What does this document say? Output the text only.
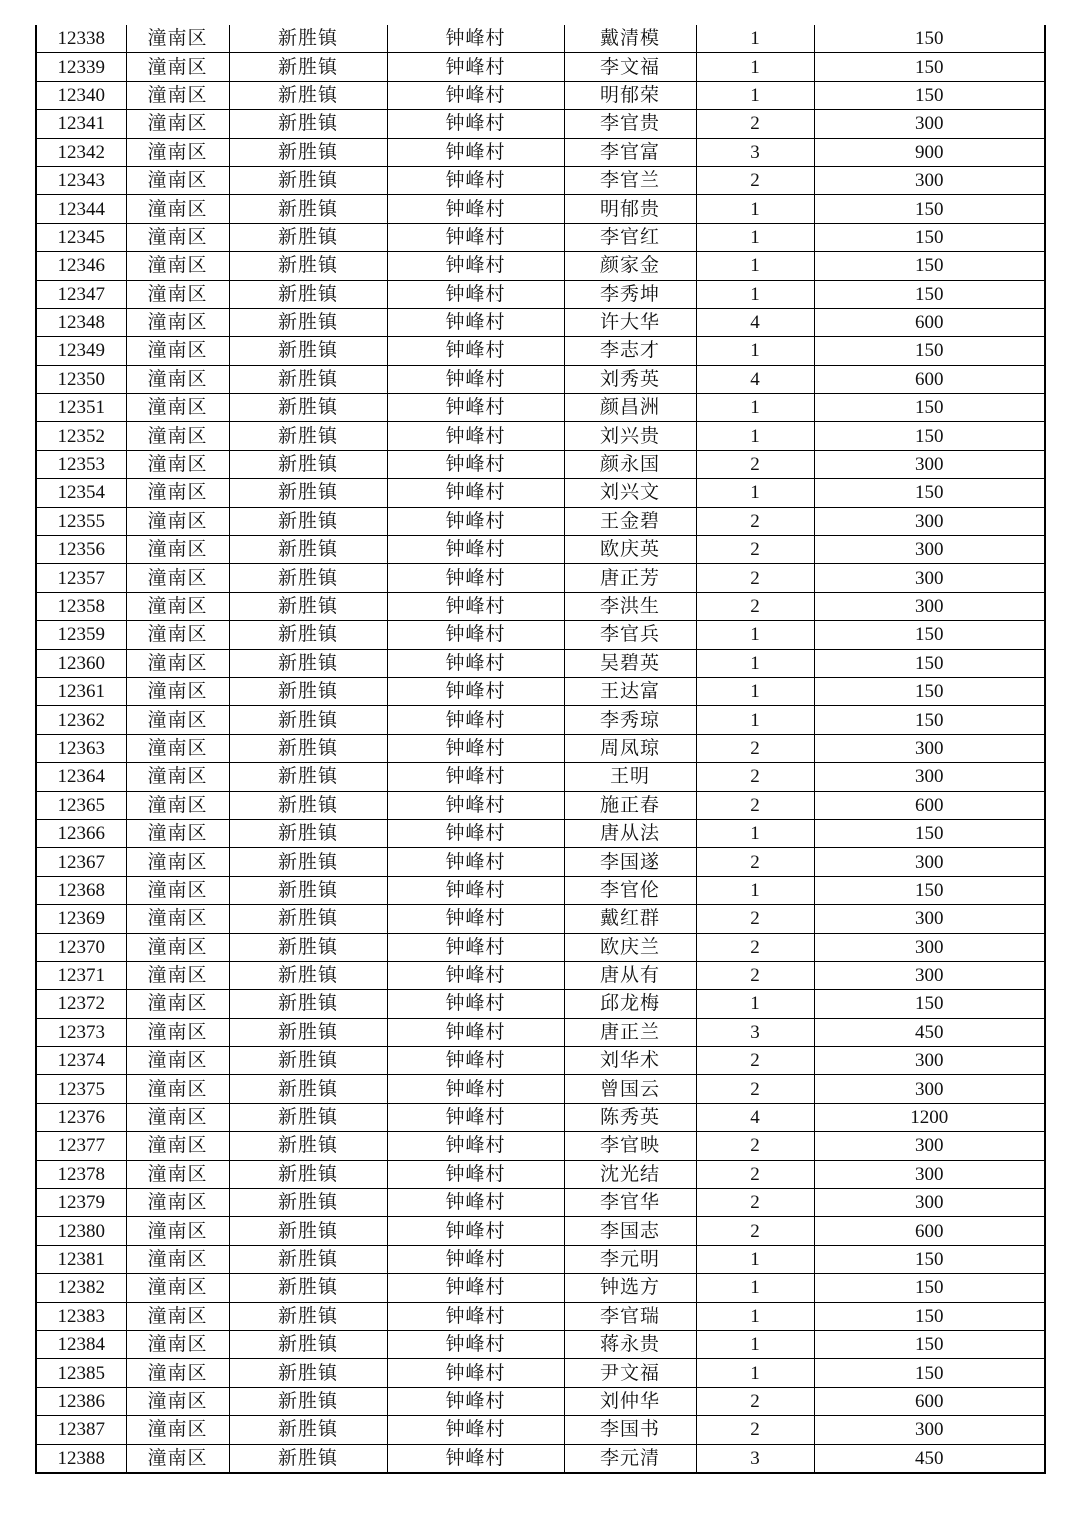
12338	潼南区	新胜镇	钟峰村	戴清模	1	150
12339	潼南区	新胜镇	钟峰村	李文福	1	150
12340	潼南区	新胜镇	钟峰村	明郁荣	1	150
12341	潼南区	新胜镇	钟峰村	李官贵	2	300
12342	潼南区	新胜镇	钟峰村	李官富	3	900
12343	潼南区	新胜镇	钟峰村	李官兰	2	300
12344	潼南区	新胜镇	钟峰村	明郁贵	1	150
12345	潼南区	新胜镇	钟峰村	李官红	1	150
12346	潼南区	新胜镇	钟峰村	颜家金	1	150
12347	潼南区	新胜镇	钟峰村	李秀坤	1	150
12348	潼南区	新胜镇	钟峰村	许大华	4	600
12349	潼南区	新胜镇	钟峰村	李志才	1	150
12350	潼南区	新胜镇	钟峰村	刘秀英	4	600
12351	潼南区	新胜镇	钟峰村	颜昌洲	1	150
12352	潼南区	新胜镇	钟峰村	刘兴贵	1	150
12353	潼南区	新胜镇	钟峰村	颜永国	2	300
12354	潼南区	新胜镇	钟峰村	刘兴文	1	150
12355	潼南区	新胜镇	钟峰村	王金碧	2	300
12356	潼南区	新胜镇	钟峰村	欧庆英	2	300
12357	潼南区	新胜镇	钟峰村	唐正芳	2	300
12358	潼南区	新胜镇	钟峰村	李洪生	2	300
12359	潼南区	新胜镇	钟峰村	李官兵	1	150
12360	潼南区	新胜镇	钟峰村	吴碧英	1	150
12361	潼南区	新胜镇	钟峰村	王达富	1	150
12362	潼南区	新胜镇	钟峰村	李秀琼	1	150
12363	潼南区	新胜镇	钟峰村	周凤琼	2	300
12364	潼南区	新胜镇	钟峰村	王明	2	300
12365	潼南区	新胜镇	钟峰村	施正春	2	600
12366	潼南区	新胜镇	钟峰村	唐从法	1	150
12367	潼南区	新胜镇	钟峰村	李国遂	2	300
12368	潼南区	新胜镇	钟峰村	李官伦	1	150
12369	潼南区	新胜镇	钟峰村	戴红群	2	300
12370	潼南区	新胜镇	钟峰村	欧庆兰	2	300
12371	潼南区	新胜镇	钟峰村	唐从有	2	300
12372	潼南区	新胜镇	钟峰村	邱龙梅	1	150
12373	潼南区	新胜镇	钟峰村	唐正兰	3	450
12374	潼南区	新胜镇	钟峰村	刘华术	2	300
12375	潼南区	新胜镇	钟峰村	曾国云	2	300
12376	潼南区	新胜镇	钟峰村	陈秀英	4	1200
12377	潼南区	新胜镇	钟峰村	李官映	2	300
12378	潼南区	新胜镇	钟峰村	沈光结	2	300
12379	潼南区	新胜镇	钟峰村	李官华	2	300
12380	潼南区	新胜镇	钟峰村	李国志	2	600
12381	潼南区	新胜镇	钟峰村	李元明	1	150
12382	潼南区	新胜镇	钟峰村	钟选方	1	150
12383	潼南区	新胜镇	钟峰村	李官瑞	1	150
12384	潼南区	新胜镇	钟峰村	蒋永贵	1	150
12385	潼南区	新胜镇	钟峰村	尹文福	1	150
12386	潼南区	新胜镇	钟峰村	刘仲华	2	600
12387	潼南区	新胜镇	钟峰村	李国书	2	300
12388	潼南区	新胜镇	钟峰村	李元清	3	450
